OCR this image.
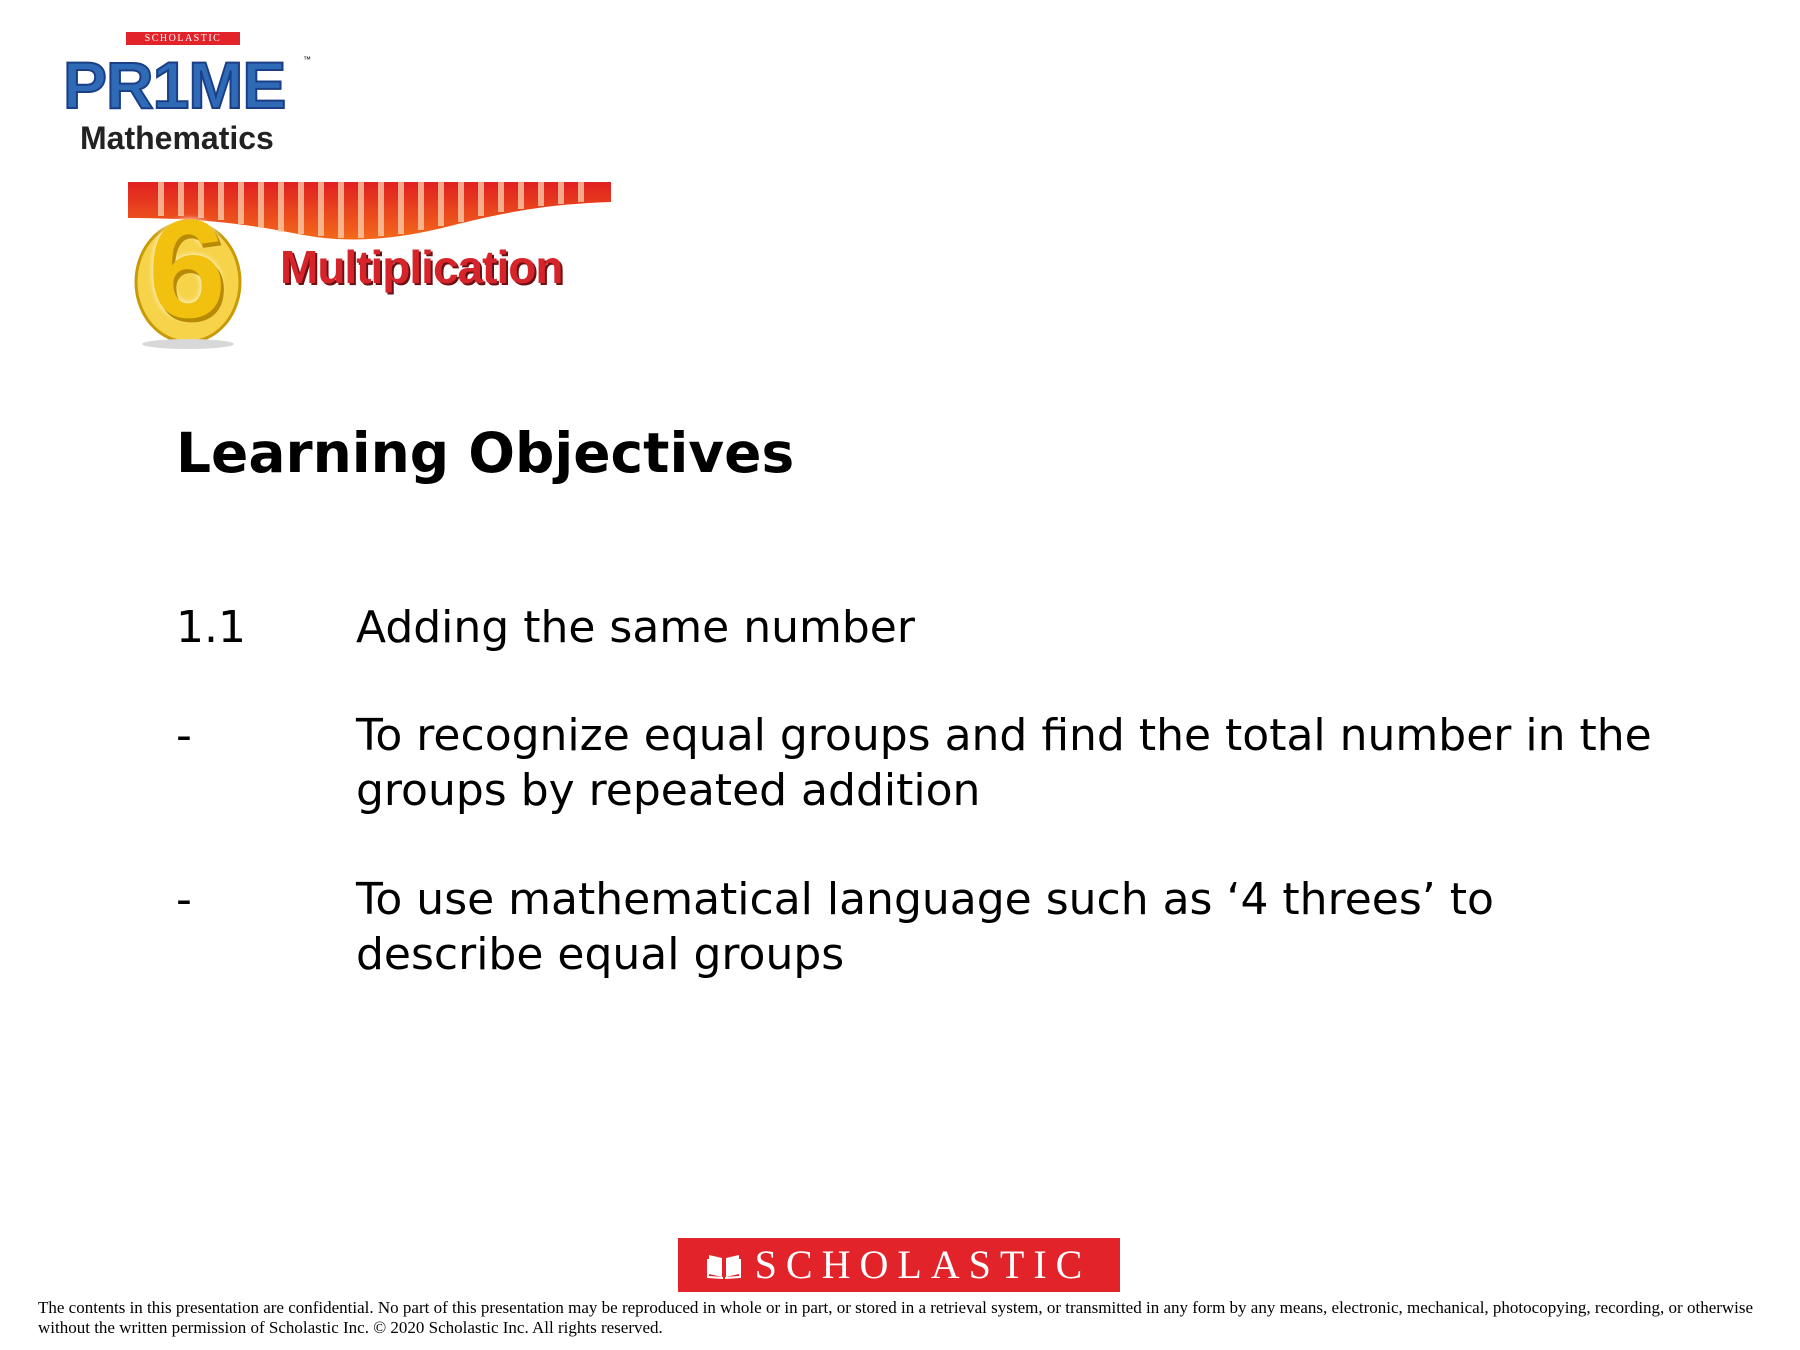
SCHOLASTIC
PR1ME ™
Mathematics
6	Multiplication
Learning Objectives
1.1	Adding the same number
-	To recognize equal groups and find the total number in the groups by repeated addition
-	To use mathematical language such as ‘4 threes’ to describe equal groups
SCHOLASTIC
The contents in this presentation are confidential. No part of this presentation may be reproduced in whole or in part, or stored in a retrieval system, or transmitted in any form by any means, electronic, mechanical, photocopying, recording, or otherwise without the written permission of Scholastic Inc. © 2020 Scholastic Inc. All rights reserved.
